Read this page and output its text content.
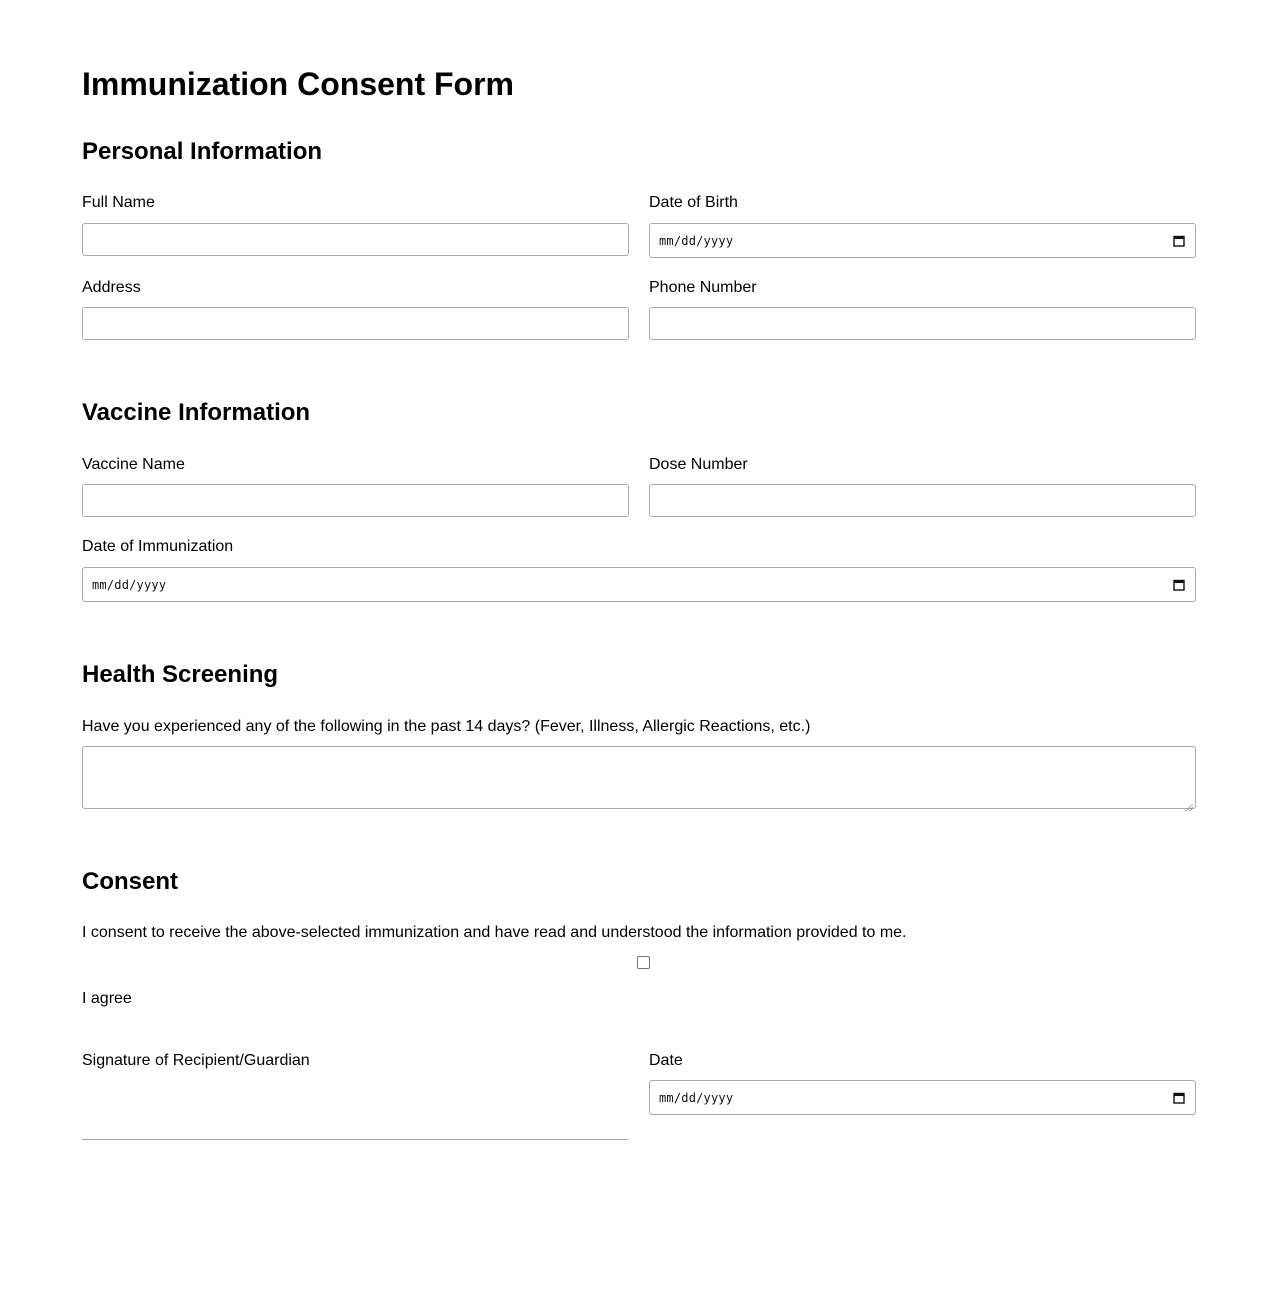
Immunization Consent Form
Personal Information
Full Name	Date of Birth
mm/dd/yyyy
Address	Phone Number
Vaccine Information
Vaccine Name	Dose Number
Date of Immunization
mm/dd/yyyy
Health Screening
Have you experienced any of the following in the past 14 days? (Fever, Illness, Allergic Reactions, etc.)
Consent
I consent to receive the above-selected immunization and have read and understood the information provided to me.
I agree
Signature of Recipient/Guardian	Date
mm/dd/yyyy
